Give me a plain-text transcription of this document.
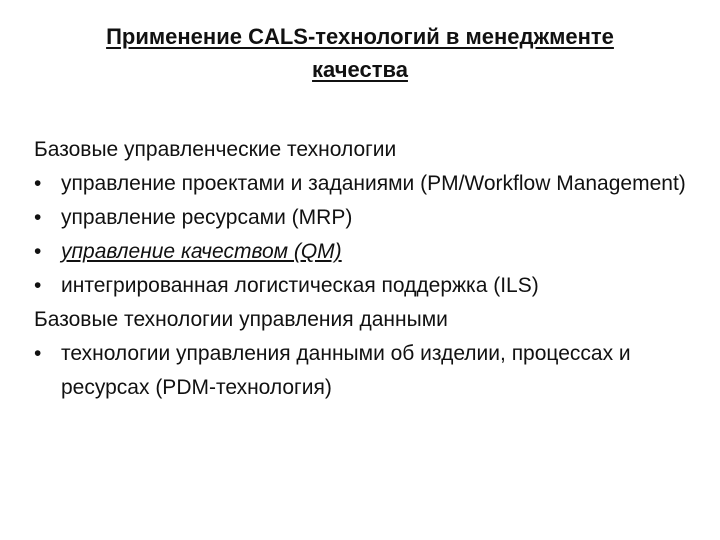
Применение CALS-технологий в менеджменте
качества

Базовые управленческие технологии

• управление проектами и заданиями (PM/Workflow Management)
• управление ресурсами (MRP)
• управление качеством (QM)
• интегрированная логистическая поддержка (ILS)

Базовые технологии управления данными

• технологии управления данными об изделии, процессах и ресурсах (PDM-технология)
